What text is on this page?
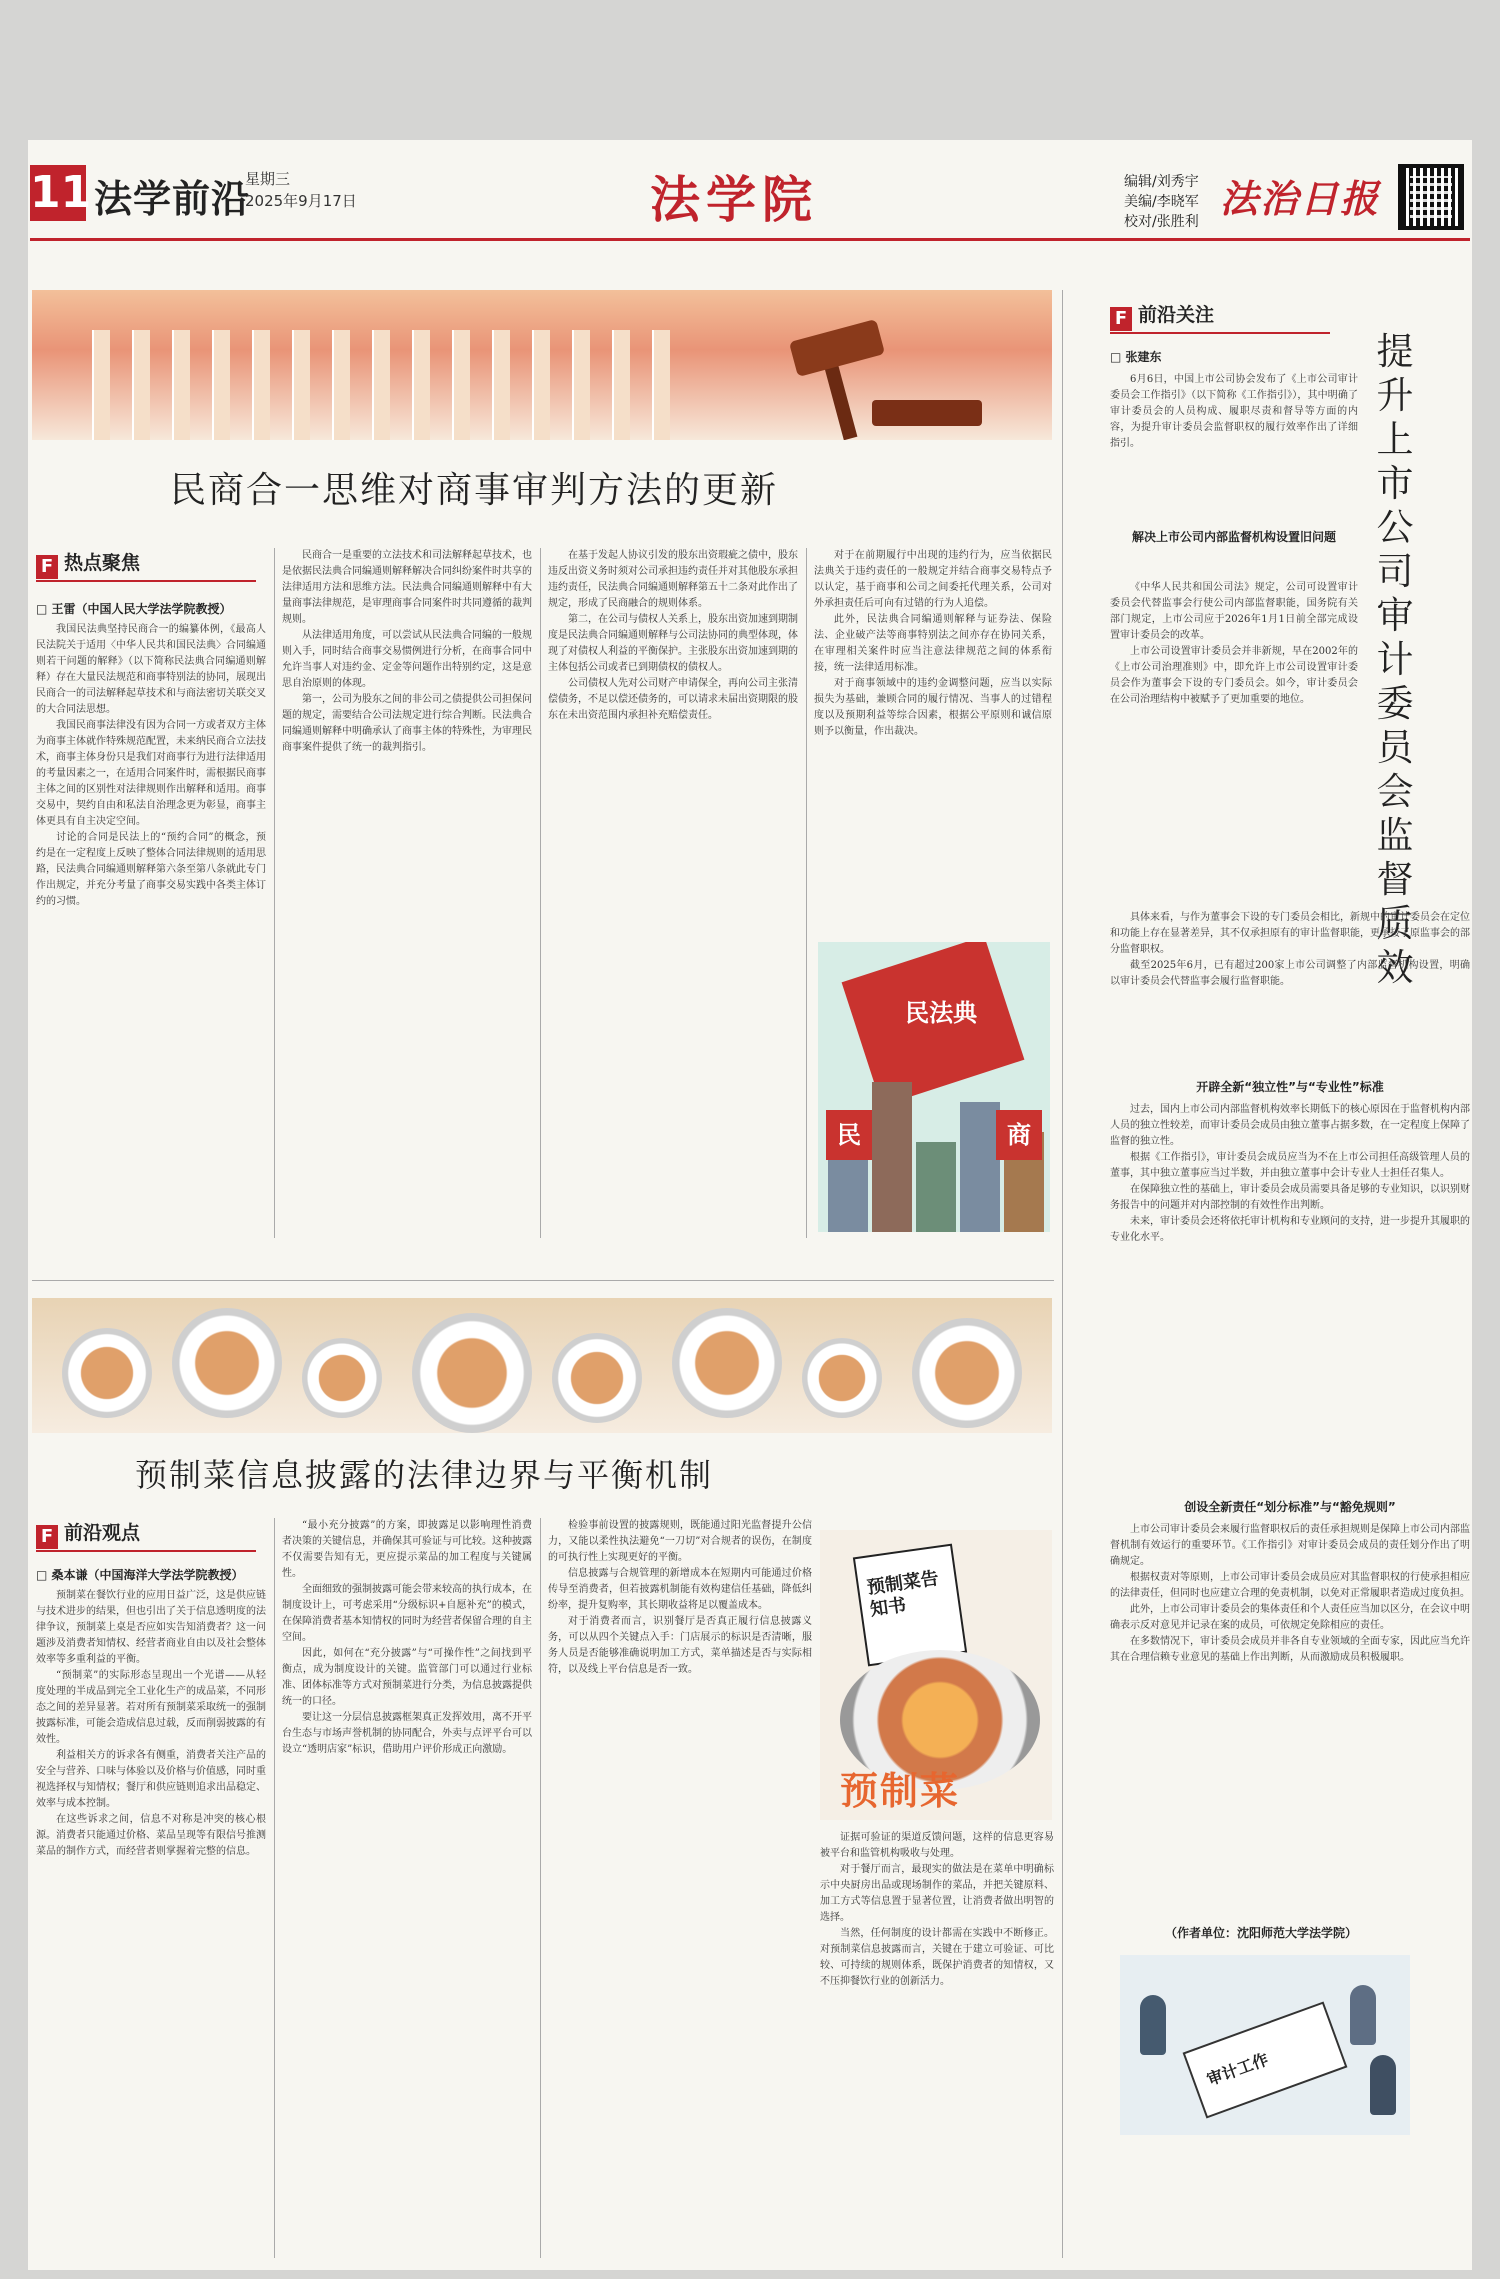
11 法学前沿
星期三
2025年9月17日	法学院	编辑/刘秀宇
美编/李晓军
校对/张胜利
法治日报
民商合一思维对商事审判方法的更新
F 热点聚焦
□ 王雷（中国人民大学法学院教授）

我国民法典坚持民商合一的编纂体例，《最高人民法院关于适用〈中华人民共和国民法典〉合同编通则若干问题的解释》（以下简称民法典合同编通则解释）存在大量民法规范和商事特别法的协同，展现出民商合一的司法解释起草技术和与商法密切关联交叉的大合同法思想。

我国民商事法律没有因为合同一方或者双方主体为商事主体就作特殊规范配置，未来纳民商合立法技术，商事主体身份只是我们对商事行为进行法律适用的考量因素之一，在适用合同案件时，需根据民商事主体之间的区别性对法律规则作出解释和适用。商事交易中，契约自由和私法自治理念更为彰显，商事主体更具有自主决定空间。

讨论的合同是民法上的“预约合同”的概念，预约是在一定程度上反映了整体合同法律规则的适用思路，民法典合同编通则解释第六条至第八条就此专门作出规定，并充分考量了商事交易实践中各类主体订约的习惯。

民商合一是重要的立法技术和司法解释起草技术，也是依据民法典合同编通则解释解决合同纠纷案件时共享的法律适用方法和思维方法。民法典合同编通则解释中有大量商事法律规范，是审理商事合同案件时共同遵循的裁判规则。

从法律适用角度，可以尝试从民法典合同编的一般规则入手，同时结合商事交易惯例进行分析，在商事合同中允许当事人对违约金、定金等问题作出特别约定，这是意思自治原则的体现。

第一，公司为股东之间的非公司之债提供公司担保问题的规定，需要结合公司法规定进行综合判断。民法典合同编通则解释中明确承认了商事主体的特殊性，为审理民商事案件提供了统一的裁判指引。

在基于发起人协议引发的股东出资瑕疵之债中，股东违反出资义务时须对公司承担违约责任并对其他股东承担违约责任，民法典合同编通则解释第五十二条对此作出了规定，形成了民商融合的规则体系。

第二，在公司与债权人关系上，股东出资加速到期制度是民法典合同编通则解释与公司法协同的典型体现，体现了对债权人利益的平衡保护。主张股东出资加速到期的主体包括公司或者已到期债权的债权人。

公司债权人先对公司财产申请保全，再向公司主张清偿债务，不足以偿还债务的，可以请求未届出资期限的股东在未出资范围内承担补充赔偿责任。

对于在前期履行中出现的违约行为，应当依据民法典关于违约责任的一般规定并结合商事交易特点予以认定，基于商事和公司之间委托代理关系，公司对外承担责任后可向有过错的行为人追偿。

此外，民法典合同编通则解释与证券法、保险法、企业破产法等商事特别法之间亦存在协同关系，在审理相关案件时应当注意法律规范之间的体系衔接，统一法律适用标准。

对于商事领域中的违约金调整问题，应当以实际损失为基础，兼顾合同的履行情况、当事人的过错程度以及预期利益等综合因素，根据公平原则和诚信原则予以衡量，作出裁决。

民法典
民	商
预制菜信息披露的法律边界与平衡机制
F 前沿观点
□ 桑本谦（中国海洋大学法学院教授）

预制菜在餐饮行业的应用日益广泛，这是供应链与技术进步的结果，但也引出了关于信息透明度的法律争议，预制菜上桌是否应如实告知消费者？这一问题涉及消费者知情权、经营者商业自由以及社会整体效率等多重利益的平衡。

“预制菜”的实际形态呈现出一个光谱——从轻度处理的半成品到完全工业化生产的成品菜，不同形态之间的差异显著。若对所有预制菜采取统一的强制披露标准，可能会造成信息过载，反而削弱披露的有效性。

利益相关方的诉求各有侧重，消费者关注产品的安全与营养、口味与体验以及价格与价值感，同时重视选择权与知情权；餐厅和供应链则追求出品稳定、效率与成本控制。

在这些诉求之间，信息不对称是冲突的核心根源。消费者只能通过价格、菜品呈现等有限信号推测菜品的制作方式，而经营者则掌握着完整的信息。

“最小充分披露”的方案，即披露足以影响理性消费者决策的关键信息，并确保其可验证与可比较。这种披露不仅需要告知有无，更应提示菜品的加工程度与关键属性。

全面细致的强制披露可能会带来较高的执行成本，在制度设计上，可考虑采用“分级标识+自愿补充”的模式，在保障消费者基本知情权的同时为经营者保留合理的自主空间。

因此，如何在“充分披露”与“可操作性”之间找到平衡点，成为制度设计的关键。监管部门可以通过行业标准、团体标准等方式对预制菜进行分类，为信息披露提供统一的口径。

要让这一分层信息披露框架真正发挥效用，离不开平台生态与市场声誉机制的协同配合，外卖与点评平台可以设立“透明店家”标识，借助用户评价形成正向激励。

检验事前设置的披露规则，既能通过阳光监督提升公信力，又能以柔性执法避免“一刀切”对合规者的误伤，在制度的可执行性上实现更好的平衡。

信息披露与合规管理的新增成本在短期内可能通过价格传导至消费者，但若披露机制能有效构建信任基础，降低纠纷率，提升复购率，其长期收益将足以覆盖成本。

对于消费者而言，识别餐厅是否真正履行信息披露义务，可以从四个关键点入手：门店展示的标识是否清晰，服务人员是否能够准确说明加工方式，菜单描述是否与实际相符，以及线上平台信息是否一致。

预制菜告知书
预制菜

证据可验证的渠道反馈问题，这样的信息更容易被平台和监管机构吸收与处理。

对于餐厅而言，最现实的做法是在菜单中明确标示中央厨房出品或现场制作的菜品，并把关键原料、加工方式等信息置于显著位置，让消费者做出明智的选择。

当然，任何制度的设计都需在实践中不断修正。对预制菜信息披露而言，关键在于建立可验证、可比较、可持续的规则体系，既保护消费者的知情权，又不压抑餐饮行业的创新活力。

F 前沿关注
□ 张建东	提升上市公司审计委员会监督质效

6月6日，中国上市公司协会发布了《上市公司审计委员会工作指引》（以下简称《工作指引》），其中明确了审计委员会的人员构成、履职尽责和督导等方面的内容，为提升审计委员会监督职权的履行效率作出了详细指引。

解决上市公司内部监督机构设置旧问题

《中华人民共和国公司法》规定，公司可设置审计委员会代替监事会行使公司内部监督职能，国务院有关部门规定，上市公司应于2026年1月1日前全部完成设置审计委员会的改革。

上市公司设置审计委员会并非新规，早在2002年的《上市公司治理准则》中，即允许上市公司设置审计委员会作为董事会下设的专门委员会。如今，审计委员会在公司治理结构中被赋予了更加重要的地位。

具体来看，与作为董事会下设的专门委员会相比，新规中的审计委员会在定位和功能上存在显著差异，其不仅承担原有的审计监督职能，更承接了原监事会的部分监督职权。

截至2025年6月，已有超过200家上市公司调整了内部监督机构设置，明确以审计委员会代替监事会履行监督职能。

开辟全新“独立性”与“专业性”标准

过去，国内上市公司内部监督机构效率长期低下的核心原因在于监督机构内部人员的独立性较差，而审计委员会成员由独立董事占据多数，在一定程度上保障了监督的独立性。

根据《工作指引》，审计委员会成员应当为不在上市公司担任高级管理人员的董事，其中独立董事应当过半数，并由独立董事中会计专业人士担任召集人。

在保障独立性的基础上，审计委员会成员需要具备足够的专业知识，以识别财务报告中的问题并对内部控制的有效性作出判断。

未来，审计委员会还将依托审计机构和专业顾问的支持，进一步提升其履职的专业化水平。

创设全新责任“划分标准”与“豁免规则”

上市公司审计委员会来履行监督职权后的责任承担规则是保障上市公司内部监督机制有效运行的重要环节。《工作指引》对审计委员会成员的责任划分作出了明确规定。

根据权责对等原则，上市公司审计委员会成员应对其监督职权的行使承担相应的法律责任，但同时也应建立合理的免责机制，以免对正常履职者造成过度负担。

此外，上市公司审计委员会的集体责任和个人责任应当加以区分，在会议中明确表示反对意见并记录在案的成员，可依规定免除相应的责任。

在多数情况下，审计委员会成员并非各自专业领域的全面专家，因此应当允许其在合理信赖专业意见的基础上作出判断，从而激励成员积极履职。

（作者单位：沈阳师范大学法学院）
审计工作
